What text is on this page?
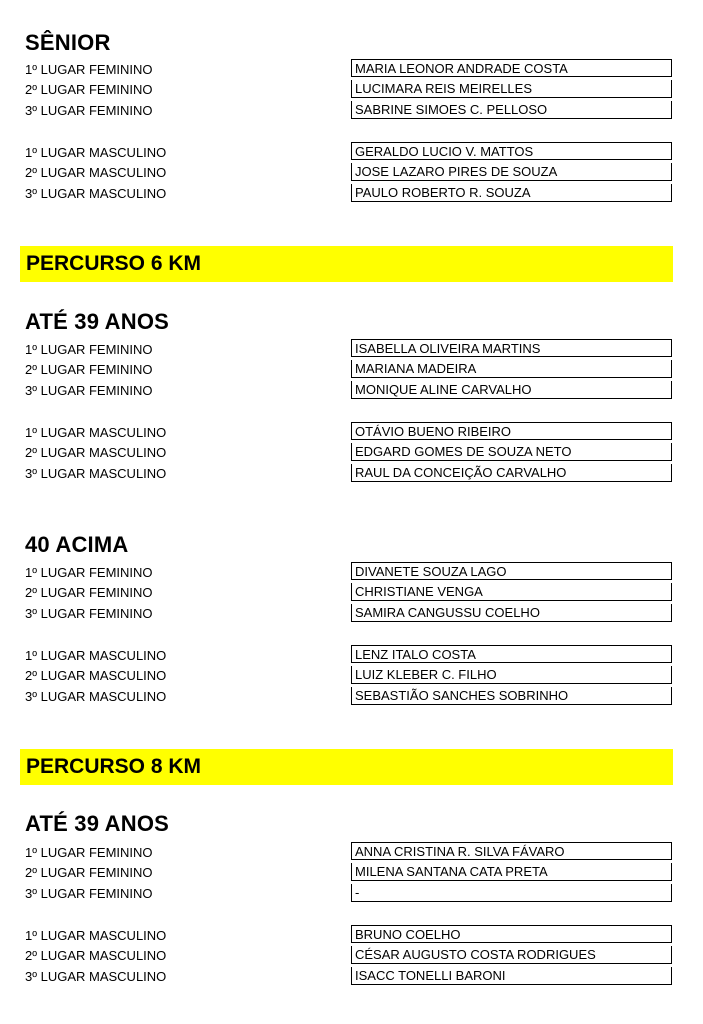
SÊNIOR
1º LUGAR FEMININO	MARIA LEONOR ANDRADE COSTA
2º LUGAR FEMININO	LUCIMARA REIS MEIRELLES
3º LUGAR FEMININO	SABRINE SIMOES C. PELLOSO
1º LUGAR MASCULINO	GERALDO LUCIO V. MATTOS
2º LUGAR MASCULINO	JOSE LAZARO PIRES DE SOUZA
3º LUGAR MASCULINO	PAULO ROBERTO R. SOUZA
PERCURSO 6 KM
ATÉ 39 ANOS
1º LUGAR FEMININO	ISABELLA OLIVEIRA MARTINS
2º LUGAR FEMININO	MARIANA MADEIRA
3º LUGAR FEMININO	MONIQUE ALINE CARVALHO
1º LUGAR MASCULINO	OTÁVIO BUENO RIBEIRO
2º LUGAR MASCULINO	EDGARD GOMES DE SOUZA NETO
3º LUGAR MASCULINO	RAUL DA CONCEIÇÃO CARVALHO
40 ACIMA
1º LUGAR FEMININO	DIVANETE SOUZA LAGO
2º LUGAR FEMININO	CHRISTIANE VENGA
3º LUGAR FEMININO	SAMIRA CANGUSSU COELHO
1º LUGAR MASCULINO	LENZ ITALO COSTA
2º LUGAR MASCULINO	LUIZ KLEBER C. FILHO
3º LUGAR MASCULINO	SEBASTIÃO SANCHES SOBRINHO
PERCURSO 8 KM
ATÉ 39 ANOS
1º LUGAR FEMININO	ANNA CRISTINA R. SILVA FÁVARO
2º LUGAR FEMININO	MILENA SANTANA CATA PRETA
3º LUGAR FEMININO	-
1º LUGAR MASCULINO	BRUNO COELHO
2º LUGAR MASCULINO	CÉSAR AUGUSTO COSTA RODRIGUES
3º LUGAR MASCULINO	ISACC TONELLI BARONI
